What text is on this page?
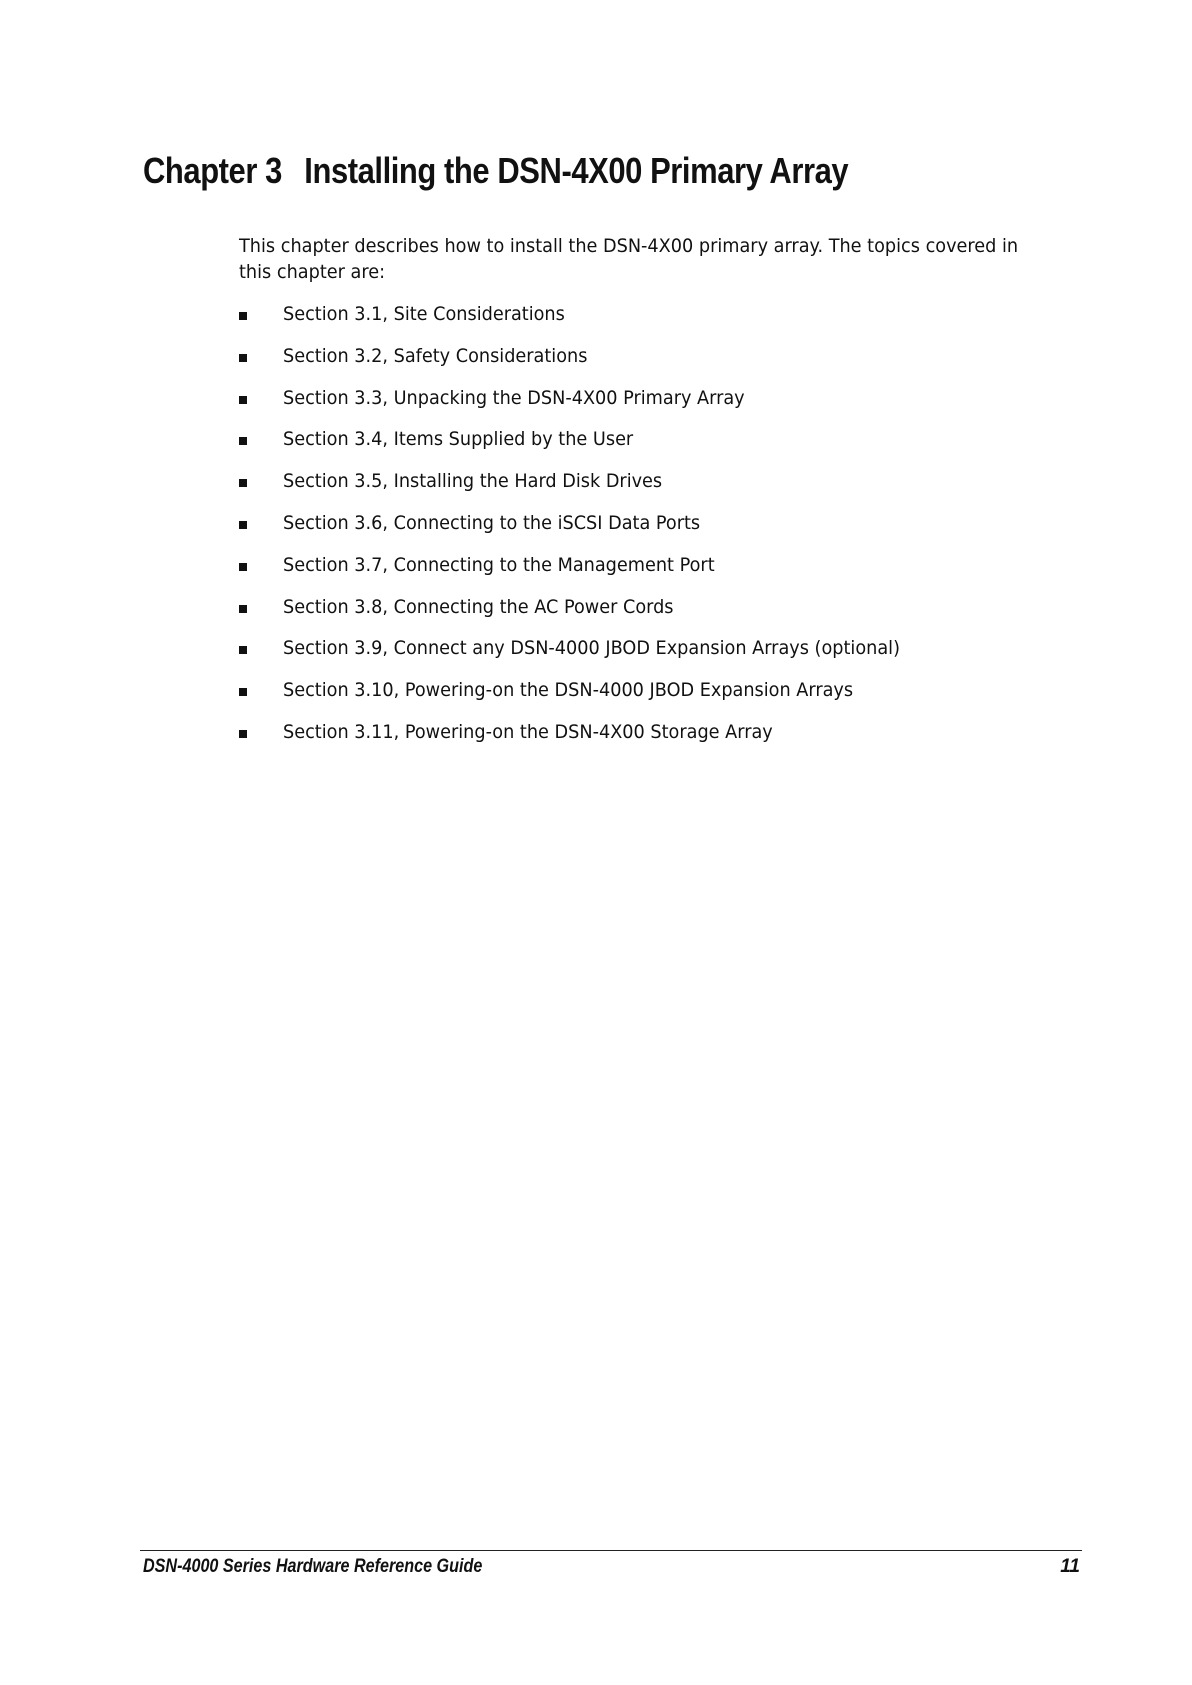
Chapter 3 Installing the DSN-4X00 Primary Array

This chapter describes how to install the DSN-4X00 primary array. The topics covered in this chapter are:

Section 3.1, Site Considerations
Section 3.2, Safety Considerations
Section 3.3, Unpacking the DSN-4X00 Primary Array
Section 3.4, Items Supplied by the User
Section 3.5, Installing the Hard Disk Drives
Section 3.6, Connecting to the iSCSI Data Ports
Section 3.7, Connecting to the Management Port
Section 3.8, Connecting the AC Power Cords
Section 3.9, Connect any DSN-4000 JBOD Expansion Arrays (optional)
Section 3.10, Powering-on the DSN-4000 JBOD Expansion Arrays
Section 3.11, Powering-on the DSN-4X00 Storage Array
DSN-4000 Series Hardware Reference Guide	11
